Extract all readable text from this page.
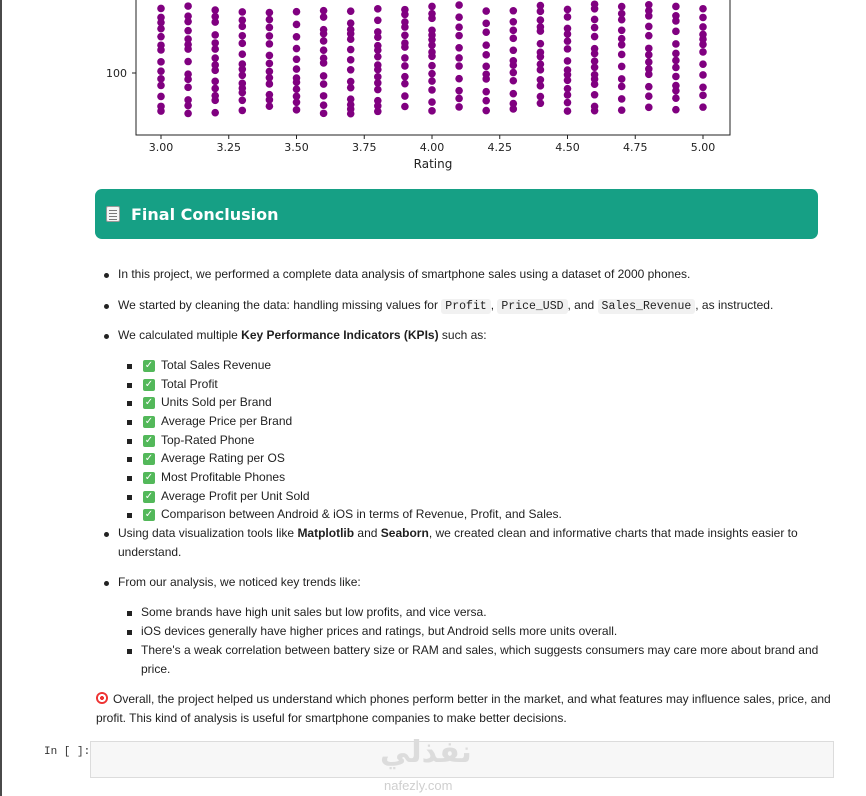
3.00	3.25	3.50	3.75	4.00	4.25	4.50	4.75	5.00
100
Rating
Final Conclusion
In this project, we performed a complete data analysis of smartphone sales using a dataset of 2000 phones.
We started by cleaning the data: handling missing values for Profit , Price_USD , and Sales_Revenue , as instructed.
We calculated multiple Key Performance Indicators (KPIs) such as:
✓ Total Sales Revenue
✓ Total Profit
✓ Units Sold per Brand
✓ Average Price per Brand
✓ Top-Rated Phone
✓ Average Rating per OS
✓ Most Profitable Phones
✓ Average Profit per Unit Sold
✓ Comparison between Android & iOS in terms of Revenue, Profit, and Sales.
Using data visualization tools like Matplotlib and Seaborn, we created clean and informative charts that made insights easier to
understand.
From our analysis, we noticed key trends like:
Some brands have high unit sales but low profits, and vice versa.
iOS devices generally have higher prices and ratings, but Android sells more units overall.
There's a weak correlation between battery size or RAM and sales, which suggests consumers may care more about brand and
price.
Overall, the project helped us understand which phones perform better in the market, and what features may influence sales, price, and
profit. This kind of analysis is useful for smartphone companies to make better decisions.
In [ ]:	نفذلي
nafezly.com
